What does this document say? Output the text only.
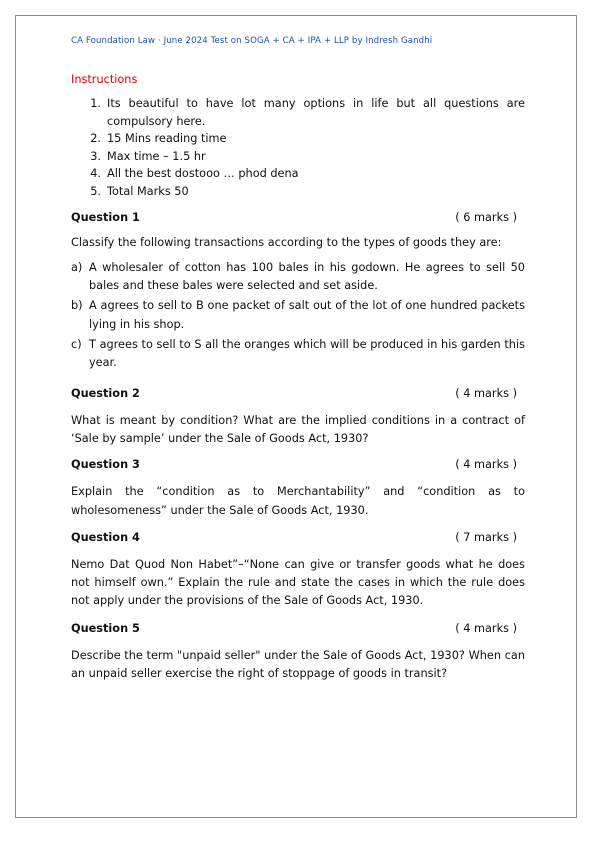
CA Foundation Law · June 2024 Test on SOGA + CA + IPA + LLP by Indresh Gandhi
Instructions
1. Its beautiful to have lot many options in life but all questions are compulsory here.
2. 15 Mins reading time
3. Max time – 1.5 hr
4. All the best dostooo … phod dena
5. Total Marks 50
Question 1	( 6 marks )
Classify the following transactions according to the types of goods they are:
a) A wholesaler of cotton has 100 bales in his godown. He agrees to sell 50 bales and these bales were selected and set aside.
b) A agrees to sell to B one packet of salt out of the lot of one hundred packets lying in his shop.
c) T agrees to sell to S all the oranges which will be produced in his garden this year.
Question 2	( 4 marks )
What is meant by condition? What are the implied conditions in a contract of ‘Sale by sample’ under the Sale of Goods Act, 1930?
Question 3	( 4 marks )
Explain the “condition as to Merchantability” and “condition as to wholesomeness” under the Sale of Goods Act, 1930.
Question 4	( 7 marks )
Nemo Dat Quod Non Habet”–“None can give or transfer goods what he does not himself own.” Explain the rule and state the cases in which the rule does not apply under the provisions of the Sale of Goods Act, 1930.
Question 5	( 4 marks )
Describe the term "unpaid seller" under the Sale of Goods Act, 1930? When can an unpaid seller exercise the right of stoppage of goods in transit?
